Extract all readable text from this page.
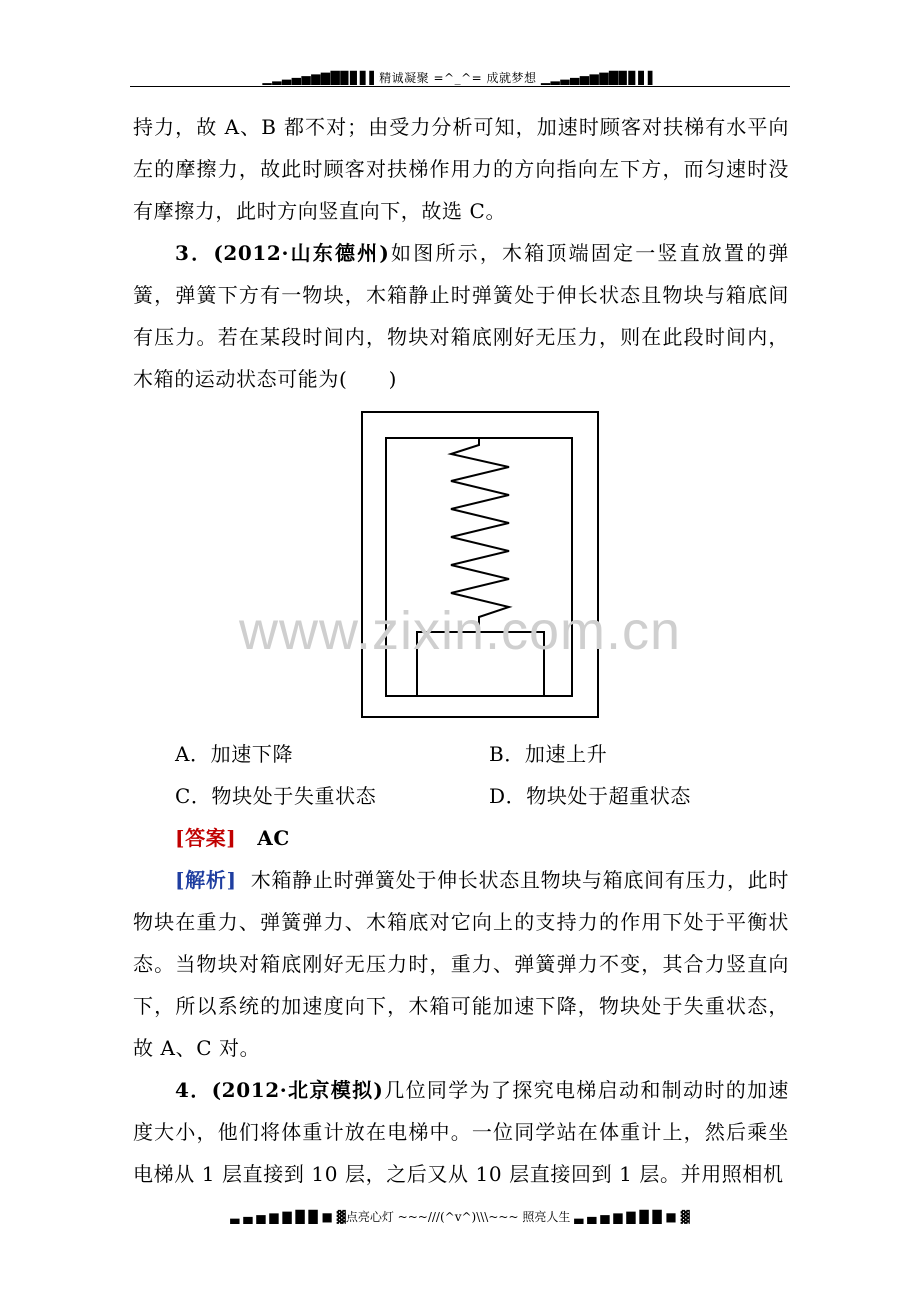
▁▂▃▄▅▆▇█▉▊▋▌精诚凝聚 =^_^= 成就梦想 ▁▂▃▄▅▆▇█▉▊▋▌

持力，故 A、B 都不对；由受力分析可知，加速时顾客对扶梯有水平向左的摩擦力，故此时顾客对扶梯作用力的方向指向左下方，而匀速时没有摩擦力，此时方向竖直向下，故选 C。

3．(2012·山东德州)如图所示，木箱顶端固定一竖直放置的弹簧，弹簧下方有一物块，木箱静止时弹簧处于伸长状态且物块与箱底间有压力。若在某段时间内，物块对箱底刚好无压力，则在此段时间内，木箱的运动状态可能为(　　)

www.zixin.com.cn
A．加速下降	B．加速上升
C．物块处于失重状态	D．物块处于超重状态
[答案] AC

[解析] 木箱静止时弹簧处于伸长状态且物块与箱底间有压力，此时物块在重力、弹簧弹力、木箱底对它向上的支持力的作用下处于平衡状态。当物块对箱底刚好无压力时，重力、弹簧弹力不变，其合力竖直向下，所以系统的加速度向下，木箱可能加速下降，物块处于失重状态，故 A、C 对。

4．(2012·北京模拟)几位同学为了探究电梯启动和制动时的加速度大小，他们将体重计放在电梯中。一位同学站在体重计上，然后乘坐电梯从 1 层直接到 10 层，之后又从 10 层直接回到 1 层。并用照相机

▃ ▄ ▅ ▆ ▇ █ █ ■ ▓点亮心灯 ~~~///(^v^)\\\~~~ 照亮人生 ▃ ▄ ▅ ▆ ▇ █ █ ■ ▓
